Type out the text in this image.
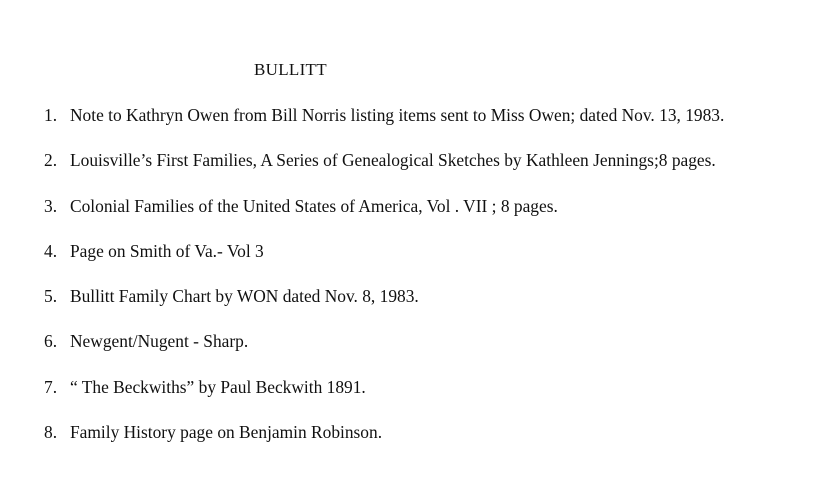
BULLITT
1. Note to Kathryn Owen from Bill Norris listing items sent to Miss Owen; dated Nov. 13, 1983.
2. Louisville’s First Families, A Series of Genealogical Sketches by Kathleen Jennings;8 pages.
3. Colonial Families of the United States of America, Vol . VII ; 8 pages.
4. Page on Smith of Va.- Vol 3
5. Bullitt Family Chart by WON dated Nov. 8, 1983.
6. Newgent/Nugent - Sharp.
7. “ The Beckwiths” by Paul Beckwith 1891.
8. Family History page on Benjamin Robinson.
